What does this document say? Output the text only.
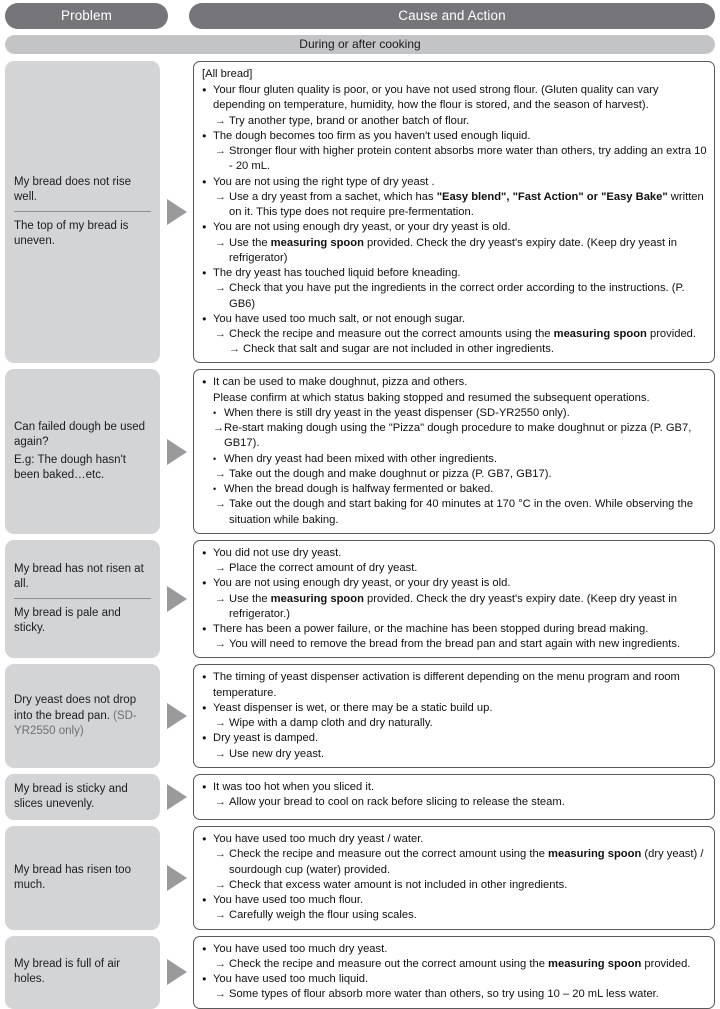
Problem	Cause and Action
During or after cooking
My bread does not rise well.
The top of my bread is uneven.
[All bread]
●
Your flour gluten quality is poor, or you have not used strong flour. (Gluten quality can vary depending on temperature, humidity, how the flour is stored, and the season of harvest).
→
Try another type, brand or another batch of flour.
●
The dough becomes too firm as you haven't used enough liquid.
→
Stronger flour with higher protein content absorbs more water than others, try adding an extra 10 - 20 mL.
●
You are not using the right type of dry yeast .
→
Use a dry yeast from a sachet, which has "Easy blend", "Fast Action" or "Easy Bake" written on it. This type does not require pre-fermentation.
●
You are not using enough dry yeast, or your dry yeast is old.
→
Use the measuring spoon provided. Check the dry yeast's expiry date. (Keep dry yeast in refrigerator)
●
The dry yeast has touched liquid before kneading.
→
Check that you have put the ingredients in the correct order according to the instructions. (P. GB6)
●
You have used too much salt, or not enough sugar.
→
Check the recipe and measure out the correct amounts using the measuring spoon provided.
→
Check that salt and sugar are not included in other ingredients.
Can failed dough be used again?
E.g: The dough hasn't been baked…etc.
●
It can be used to make doughnut, pizza and others.
Please confirm at which status baking stopped and resumed the subsequent operations.
•
When there is still dry yeast in the yeast dispenser (SD-YR2550 only).
→
Re-start making dough using the "Pizza" dough procedure to make doughnut or pizza (P. GB7, GB17).
•
When dry yeast had been mixed with other ingredients.
→
Take out the dough and make doughnut or pizza (P. GB7, GB17).
•
When the bread dough is halfway fermented or baked.
→
Take out the dough and start baking for 40 minutes at 170 °C in the oven. While observing the situation while baking.
My bread has not risen at all.
My bread is pale and sticky.
●
You did not use dry yeast.
→
Place the correct amount of dry yeast.
●
You are not using enough dry yeast, or your dry yeast is old.
→
Use the measuring spoon provided. Check the dry yeast's expiry date. (Keep dry yeast in refrigerator.)
●
There has been a power failure, or the machine has been stopped during bread making.
→
You will need to remove the bread from the bread pan and start again with new ingredients.
Dry yeast does not drop into the bread pan. (SD-YR2550 only)
●
The timing of yeast dispenser activation is different depending on the menu program and room temperature.
●
Yeast dispenser is wet, or there may be a static build up.
→
Wipe with a damp cloth and dry naturally.
●
Dry yeast is damped.
→
Use new dry yeast.
My bread is sticky and slices unevenly.
●
It was too hot when you sliced it.
→
Allow your bread to cool on rack before slicing to release the steam.
My bread has risen too much.
●
You have used too much dry yeast / water.
→
Check the recipe and measure out the correct amount using the measuring spoon (dry yeast) / sourdough cup (water) provided.
→
Check that excess water amount is not included in other ingredients.
●
You have used too much flour.
→
Carefully weigh the flour using scales.
My bread is full of air holes.
●
You have used too much dry yeast.
→
Check the recipe and measure out the correct amount using the measuring spoon provided.
●
You have used too much liquid.
→
Some types of flour absorb more water than others, so try using 10 – 20 mL less water.
